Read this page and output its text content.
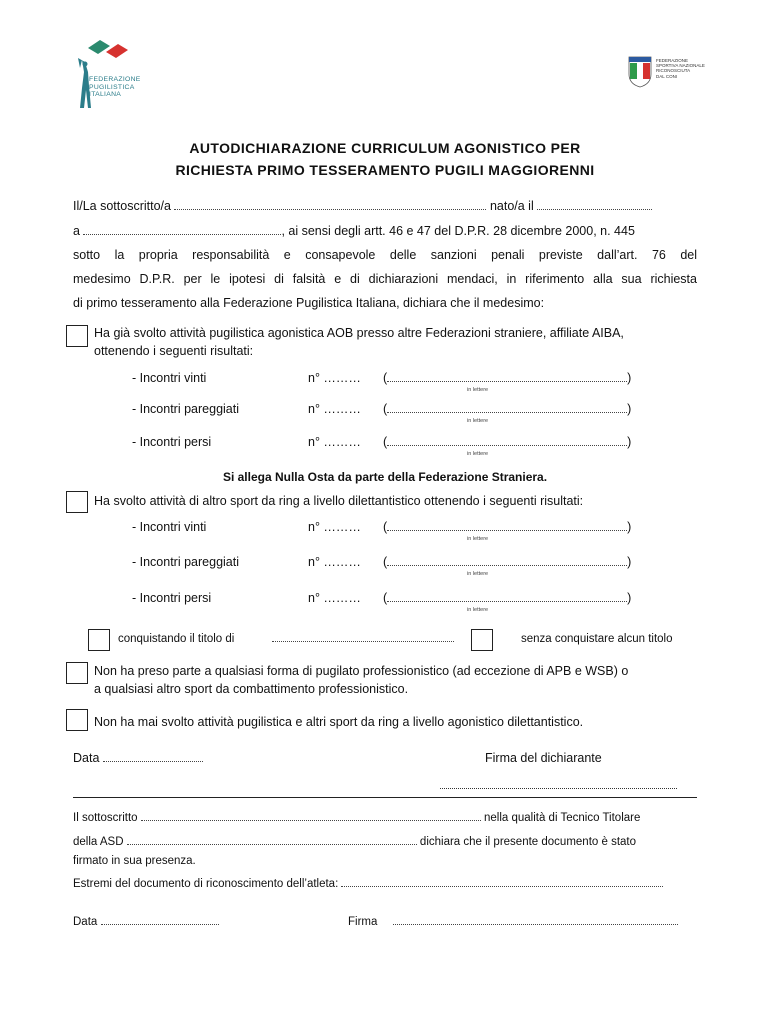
FEDERAZIONE
PUGILISTICA
ITALIANA
FEDERAZIONE
SPORTIVA NAZIONALE
RICONOSCIUTA
DAL CONI
AUTODICHIARAZIONE CURRICULUM AGONISTICO PER
RICHIESTA PRIMO TESSERAMENTO PUGILI MAGGIORENNI
Il/La sottoscritto/a	nato/a il
a	, ai sensi degli artt. 46 e 47 del D.P.R. 28 dicembre 2000, n. 445
sotto la propria responsabilità e consapevole delle sanzioni penali previste dall’art. 76 del
medesimo D.P.R. per le ipotesi di falsità e di dichiarazioni mendaci, in riferimento alla sua richiesta
di primo tesseramento alla Federazione Pugilistica Italiana, dichiara che il medesimo:
Ha già svolto attività pugilistica agonistica AOB presso altre Federazioni straniere, affiliate AIBA,
ottenendo i seguenti risultati:
- Incontri vinti	n° ……… (	)
in lettere
- Incontri pareggiati	n° ……… (	)
in lettere
- Incontri persi	n° ……… (	)
in lettere
Si allega Nulla Osta da parte della Federazione Straniera.
Ha svolto attività di altro sport da ring a livello dilettantistico ottenendo i seguenti risultati:
- Incontri vinti	n° ……… (	)
in lettere
- Incontri pareggiati	n° ……… (	)
in lettere
- Incontri persi	n° ……… (	)
in lettere
conquistando il titolo di	senza conquistare alcun titolo
Non ha preso parte a qualsiasi forma di pugilato professionistico (ad eccezione di APB e WSB) o
a qualsiasi altro sport da combattimento professionistico.
Non ha mai svolto attività pugilistica e altri sport da ring a livello agonistico dilettantistico.
Data	Firma del dichiarante
Il sottoscritto	nella qualità di Tecnico Titolare
della ASD	dichiara che il presente documento è stato
firmato in sua presenza.
Estremi del documento di riconoscimento dell’atleta:
Data	Firma
